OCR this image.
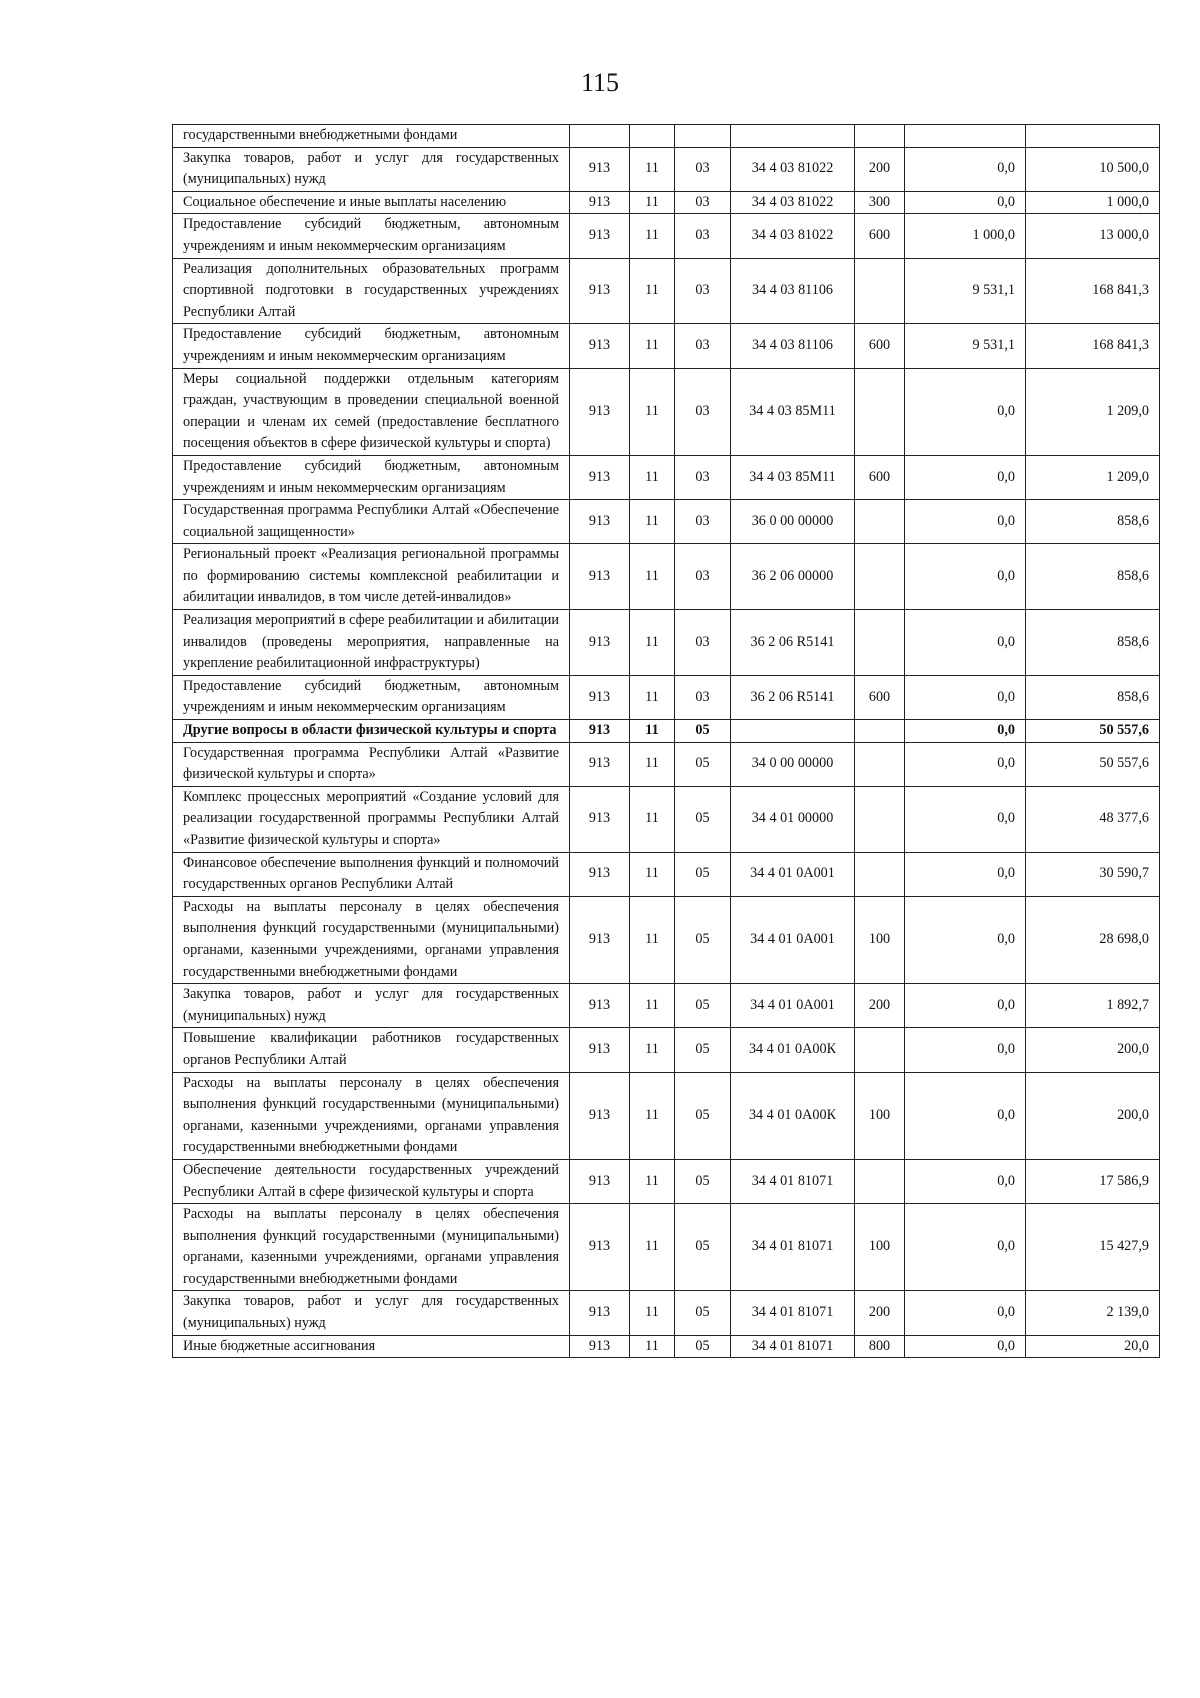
115
государственными внебюджетными фондами							
Закупка товаров, работ и услуг для государственных (муниципальных) нужд	913	11	03	34 4 03 81022	200	0,0	10 500,0
Социальное обеспечение и иные выплаты населению	913	11	03	34 4 03 81022	300	0,0	1 000,0
Предоставление субсидий бюджетным, автономным учреждениям и иным некоммерческим организациям	913	11	03	34 4 03 81022	600	1 000,0	13 000,0
Реализация дополнительных образовательных программ спортивной подготовки в государственных учреждениях Республики Алтай	913	11	03	34 4 03 81106		9 531,1	168 841,3
Предоставление субсидий бюджетным, автономным учреждениям и иным некоммерческим организациям	913	11	03	34 4 03 81106	600	9 531,1	168 841,3
Меры социальной поддержки отдельным категориям граждан, участвующим в проведении специальной военной операции и членам их семей (предоставление бесплатного посещения объектов в сфере физической культуры и спорта)	913	11	03	34 4 03 85М11		0,0	1 209,0
Предоставление субсидий бюджетным, автономным учреждениям и иным некоммерческим организациям	913	11	03	34 4 03 85М11	600	0,0	1 209,0
Государственная программа Республики Алтай «Обеспечение социальной защищенности»	913	11	03	36 0 00 00000		0,0	858,6
Региональный проект «Реализация региональной программы по формированию системы комплексной реабилитации и абилитации инвалидов, в том числе детей-инвалидов»	913	11	03	36 2 06 00000		0,0	858,6
Реализация мероприятий в сфере реабилитации и абилитации инвалидов (проведены мероприятия, направленные на укрепление реабилитационной инфраструктуры)	913	11	03	36 2 06 R5141		0,0	858,6
Предоставление субсидий бюджетным, автономным учреждениям и иным некоммерческим организациям	913	11	03	36 2 06 R5141	600	0,0	858,6
Другие вопросы в области физической культуры и спорта	913	11	05			0,0	50 557,6
Государственная программа Республики Алтай «Развитие физической культуры и спорта»	913	11	05	34 0 00 00000		0,0	50 557,6
Комплекс процессных мероприятий «Создание условий для реализации государственной программы Республики Алтай «Развитие физической культуры и спорта»	913	11	05	34 4 01 00000		0,0	48 377,6
Финансовое обеспечение выполнения функций и полномочий государственных органов Республики Алтай	913	11	05	34 4 01 0А001		0,0	30 590,7
Расходы на выплаты персоналу в целях обеспечения выполнения функций государственными (муниципальными) органами, казенными учреждениями, органами управления государственными внебюджетными фондами	913	11	05	34 4 01 0А001	100	0,0	28 698,0
Закупка товаров, работ и услуг для государственных (муниципальных) нужд	913	11	05	34 4 01 0А001	200	0,0	1 892,7
Повышение квалификации работников государственных органов Республики Алтай	913	11	05	34 4 01 0А00К		0,0	200,0
Расходы на выплаты персоналу в целях обеспечения выполнения функций государственными (муниципальными) органами, казенными учреждениями, органами управления государственными внебюджетными фондами	913	11	05	34 4 01 0А00К	100	0,0	200,0
Обеспечение деятельности государственных учреждений Республики Алтай в сфере физической культуры и спорта	913	11	05	34 4 01 81071		0,0	17 586,9
Расходы на выплаты персоналу в целях обеспечения выполнения функций государственными (муниципальными) органами, казенными учреждениями, органами управления государственными внебюджетными фондами	913	11	05	34 4 01 81071	100	0,0	15 427,9
Закупка товаров, работ и услуг для государственных (муниципальных) нужд	913	11	05	34 4 01 81071	200	0,0	2 139,0
Иные бюджетные ассигнования	913	11	05	34 4 01 81071	800	0,0	20,0
